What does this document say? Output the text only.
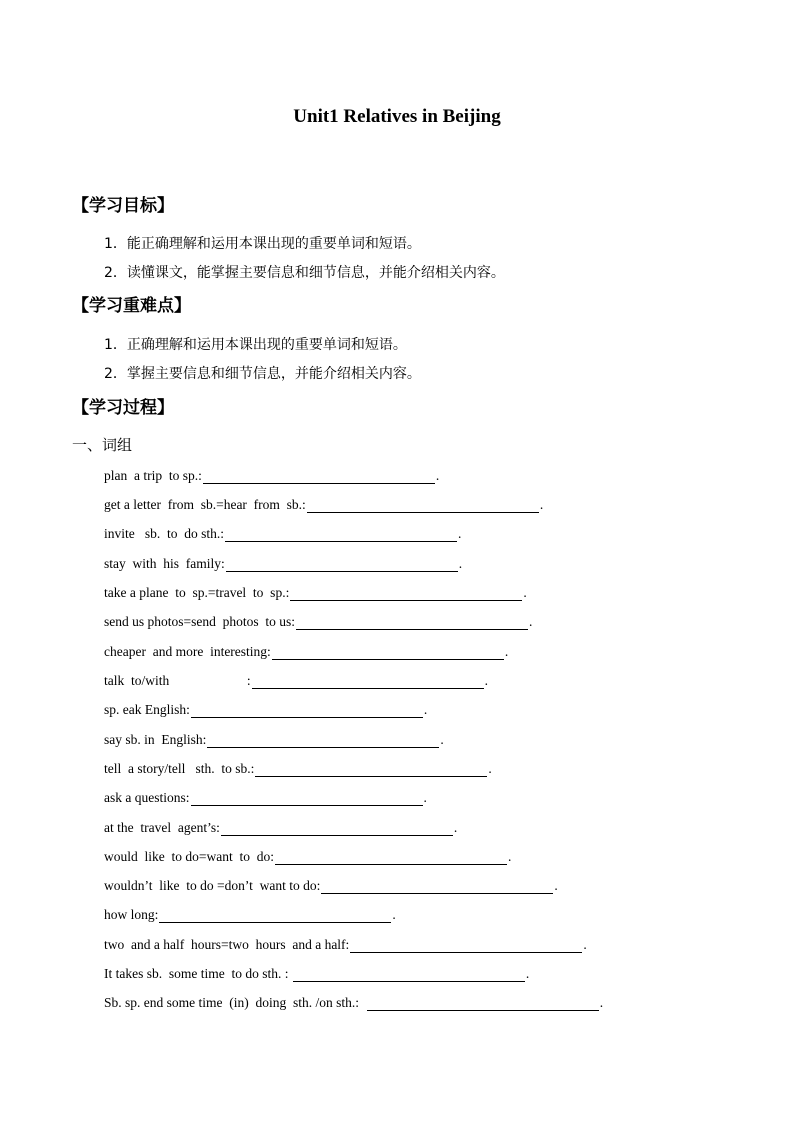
Unit1 Relatives in Beijing
【学习目标】
1．能正确理解和运用本课出现的重要单词和短语。
2．读懂课文，能掌握主要信息和细节信息，并能介绍相关内容。
【学习重难点】
1．正确理解和运用本课出现的重要单词和短语。
2．掌握主要信息和细节信息，并能介绍相关内容。
【学习过程】
一、词组
plan  a trip  to sp.:	.
get a letter  from  sb.=hear  from  sb.:	.
invite   sb.  to  do sth.:	.
stay  with  his  family:	.
take a plane  to  sp.=travel  to  sp.:	.
send us photos=send  photos  to us:	.
cheaper  and more  interesting:	.
talk  to/with                       :	.
sp. eak English:	.
say sb. in  English:	.
tell  a story/tell   sth.  to sb.:	.
ask a questions:	.
at the  travel  agent’s:	.
would  like  to do=want  to  do:	.
wouldn’t  like  to do =don’t  want to do:	.
how long:	.
two  and a half  hours=two  hours  and a half:	.
It takes sb.  some time  to do sth. :	.
Sb. sp. end some time  (in)  doing  sth. /on sth.:	.
